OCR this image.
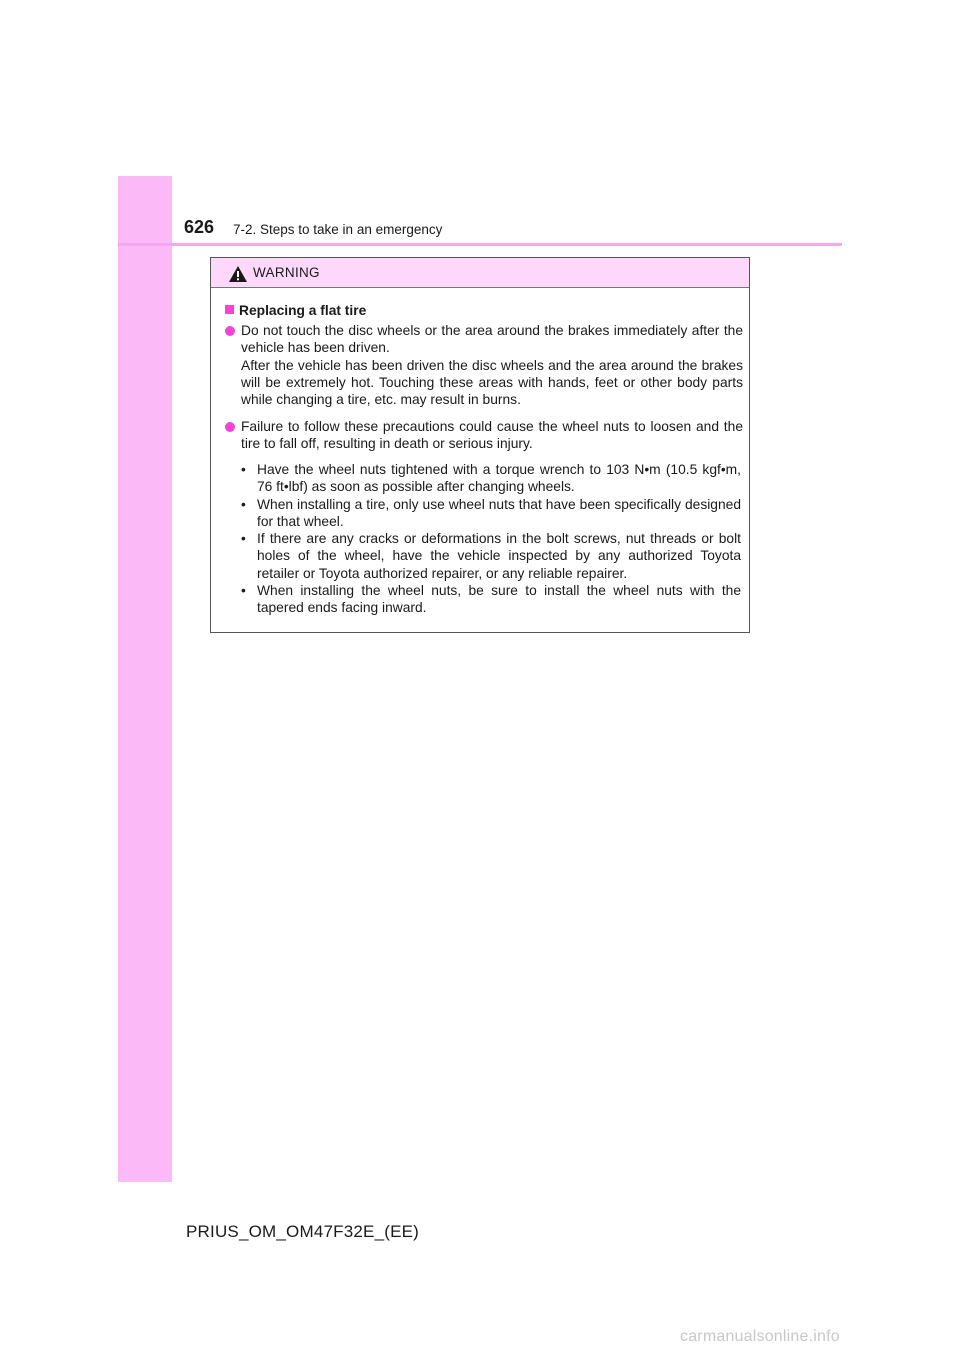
626 7-2. Steps to take in an emergency
WARNING
Replacing a flat tire

Do not touch the disc wheels or the area around the brakes immediately after the vehicle has been driven.

After the vehicle has been driven the disc wheels and the area around the brakes will be extremely hot. Touching these areas with hands, feet or other body parts while changing a tire, etc. may result in burns.

Failure to follow these precautions could cause the wheel nuts to loosen and the tire to fall off, resulting in death or serious injury.

• Have the wheel nuts tightened with a torque wrench to 103 N•m (10.5 kgf•m, 76 ft•lbf) as soon as possible after changing wheels.
• When installing a tire, only use wheel nuts that have been specifically designed for that wheel.
• If there are any cracks or deformations in the bolt screws, nut threads or bolt holes of the wheel, have the vehicle inspected by any authorized Toyota retailer or Toyota authorized repairer, or any reliable repairer.
• When installing the wheel nuts, be sure to install the wheel nuts with the tapered ends facing inward.
PRIUS_OM_OM47F32E_(EE)
carmanualsonline.info
